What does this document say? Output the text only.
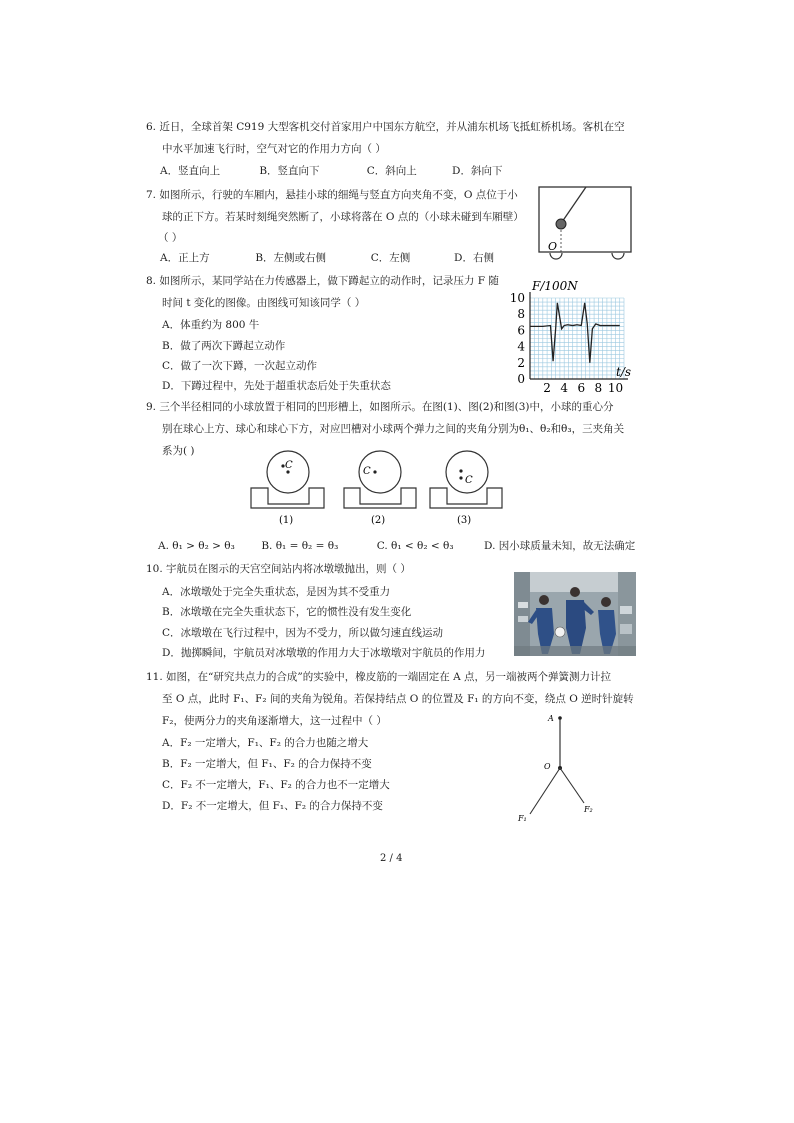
6. 近日，全球首架 C919 大型客机交付首家用户中国东方航空，并从浦东机场飞抵虹桥机场。客机在空
中水平加速飞行时，空气对它的作用力方向（ ）
A．竖直向上	B．竖直向下	C．斜向上	D．斜向下
7. 如图所示，行驶的车厢内，悬挂小球的细绳与竖直方向夹角不变，O 点位于小
球的正下方。若某时刻绳突然断了，小球将落在 O 点的（小球未碰到车厢壁）
（ ）
A．正上方	B．左侧或右侧	C．左侧	D．右侧
O
8. 如图所示，某同学站在力传感器上，做下蹲起立的动作时，记录压力 F 随
时间 t 变化的图像。由图线可知该同学（ ）
A．体重约为 800 牛
B．做了两次下蹲起立动作
C．做了一次下蹲，一次起立动作
D．下蹲过程中，先处于超重状态后处于失重状态	0
2
4
6
8
10
2 4 6 8 10
F/100N
t/s
9. 三个半径相同的小球放置于相同的凹形槽上，如图所示。在图(1)、图(2)和图(3)中，小球的重心分
别在球心上方、球心和球心下方，对应凹槽对小球两个弹力之间的夹角分别为θ₁、θ₂和θ₃，三夹角关
系为( )
C
(1)
C
(2)
C
(3)
A. θ₁ > θ₂ > θ₃	B. θ₁ = θ₂ = θ₃	C. θ₁ < θ₂ < θ₃	D. 因小球质量未知，故无法确定
10. 宇航员在图示的天宫空间站内将冰墩墩抛出，则（ ）
A．冰墩墩处于完全失重状态，是因为其不受重力
B．冰墩墩在完全失重状态下，它的惯性没有发生变化
C．冰墩墩在飞行过程中，因为不受力，所以做匀速直线运动
D．抛掷瞬间，宇航员对冰墩墩的作用力大于冰墩墩对宇航员的作用力
11. 如图，在“研究共点力的合成”的实验中，橡皮筋的一端固定在 A 点，另一端被两个弹簧测力计拉
至 O 点，此时 F₁、F₂ 间的夹角为锐角。若保持结点 O 的位置及 F₁ 的方向不变，绕点 O 逆时针旋转
F₂，使两分力的夹角逐渐增大，这一过程中（ ）
A．F₂ 一定增大，F₁、F₂ 的合力也随之增大
B．F₂ 一定增大，但 F₁、F₂ 的合力保持不变
C．F₂ 不一定增大，F₁、F₂ 的合力也不一定增大
D．F₂ 不一定增大，但 F₁、F₂ 的合力保持不变
A
O
F₁
F₂
2 / 4
